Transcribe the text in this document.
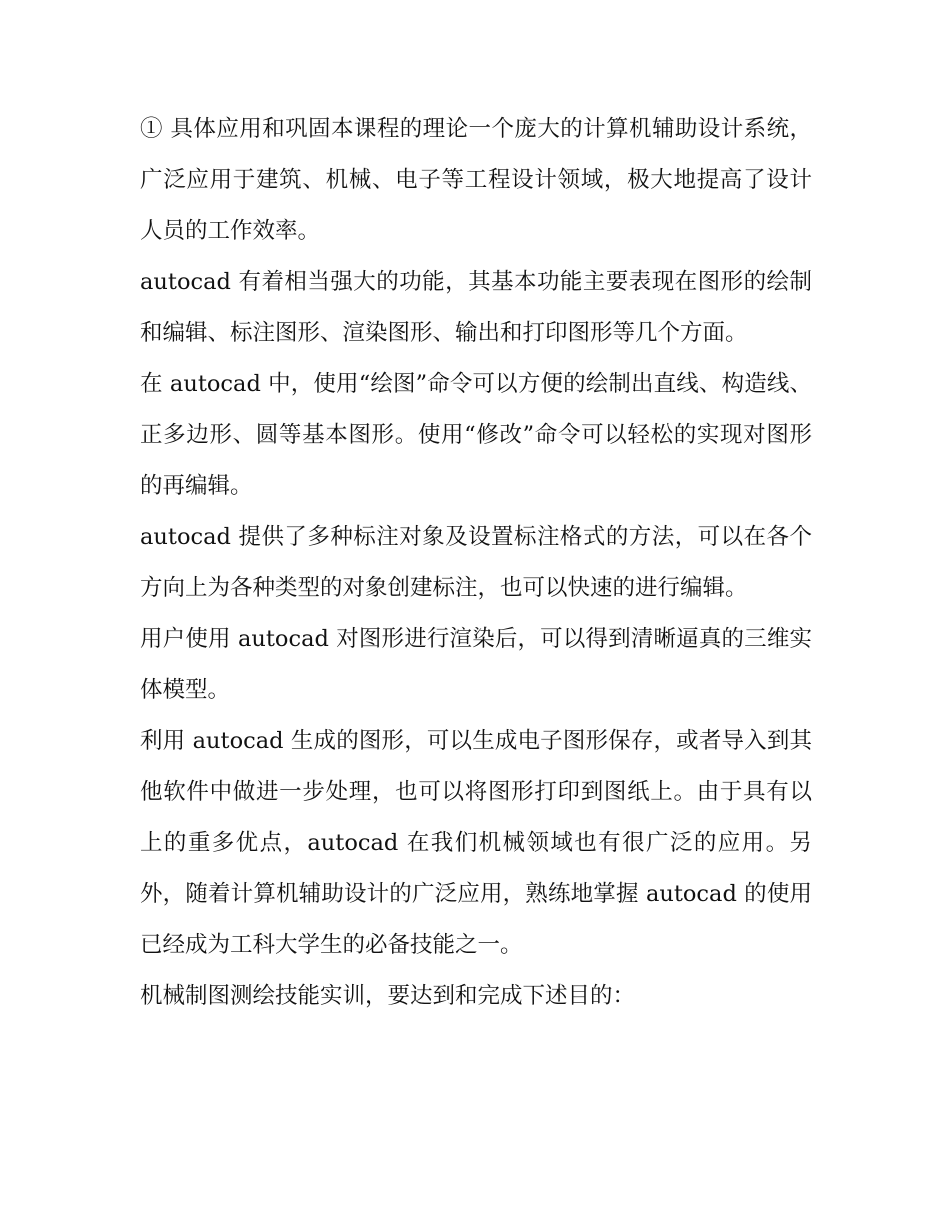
① 具体应用和巩固本课程的理论一个庞大的计算机辅助设计系统，广泛应用于建筑、机械、电子等工程设计领域，极大地提高了设计人员的工作效率。

autocad 有着相当强大的功能，其基本功能主要表现在图形的绘制和编辑、标注图形、渲染图形、输出和打印图形等几个方面。

在 autocad 中，使用“绘图”命令可以方便的绘制出直线、构造线、正多边形、圆等基本图形。使用“修改”命令可以轻松的实现对图形的再编辑。

autocad 提供了多种标注对象及设置标注格式的方法，可以在各个方向上为各种类型的对象创建标注，也可以快速的进行编辑。

用户使用 autocad 对图形进行渲染后，可以得到清晰逼真的三维实体模型。

利用 autocad 生成的图形，可以生成电子图形保存，或者导入到其他软件中做进一步处理，也可以将图形打印到图纸上。由于具有以上的重多优点，autocad 在我们机械领域也有很广泛的应用。另外，随着计算机辅助设计的广泛应用，熟练地掌握 autocad 的使用已经成为工科大学生的必备技能之一。

机械制图测绘技能实训，要达到和完成下述目的：
